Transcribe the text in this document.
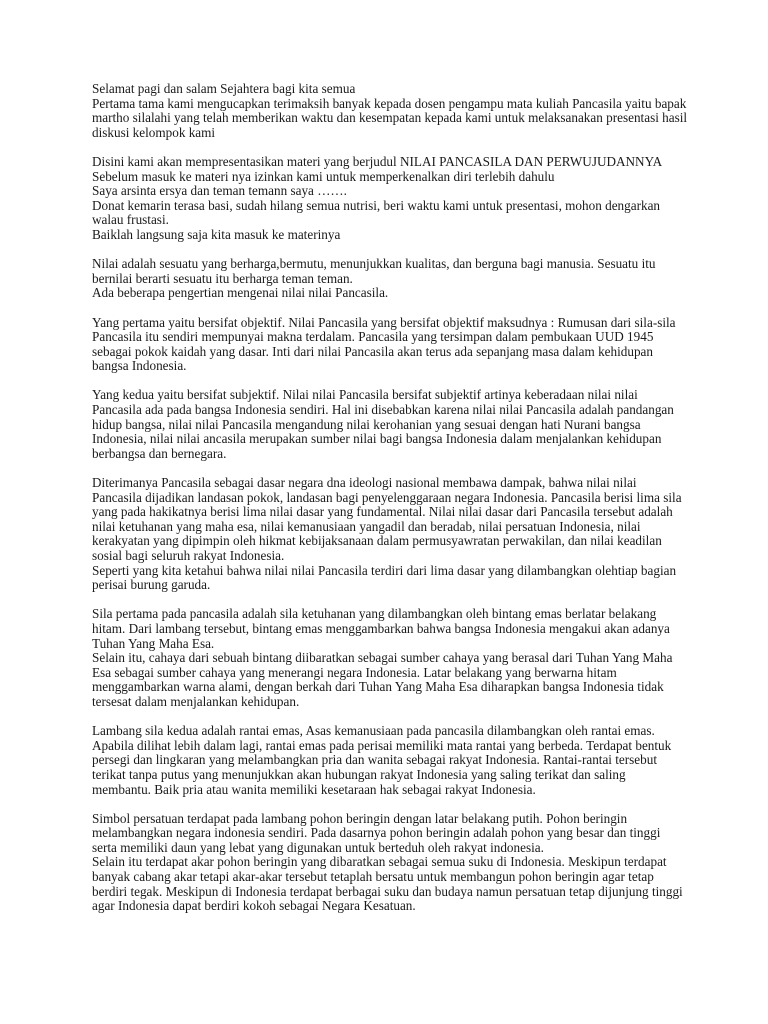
Selamat pagi dan salam Sejahtera bagi kita semua
Pertama tama kami mengucapkan terimaksih banyak kepada dosen pengampu mata kuliah Pancasila yaitu bapak
martho silalahi yang telah memberikan waktu dan kesempatan kepada kami untuk melaksanakan presentasi hasil
diskusi kelompok kami
Disini kami akan mempresentasikan materi yang berjudul NILAI PANCASILA DAN PERWUJUDANNYA
Sebelum masuk ke materi nya izinkan kami untuk memperkenalkan diri terlebih dahulu
Saya arsinta ersya dan teman temann saya …….
Donat kemarin terasa basi, sudah hilang semua nutrisi, beri waktu kami untuk presentasi, mohon dengarkan
walau frustasi.
Baiklah langsung saja kita masuk ke materinya
Nilai adalah sesuatu yang berharga,bermutu, menunjukkan kualitas, dan berguna bagi manusia. Sesuatu itu
bernilai berarti sesuatu itu berharga teman teman.
Ada beberapa pengertian mengenai nilai nilai Pancasila.
Yang pertama yaitu bersifat objektif. Nilai Pancasila yang bersifat objektif maksudnya : Rumusan dari sila-sila
Pancasila itu sendiri mempunyai makna terdalam. Pancasila yang tersimpan dalam pembukaan UUD 1945
sebagai pokok kaidah yang dasar. Inti dari nilai Pancasila akan terus ada sepanjang masa dalam kehidupan
bangsa Indonesia.
Yang kedua yaitu bersifat subjektif. Nilai nilai Pancasila bersifat subjektif artinya keberadaan nilai nilai
Pancasila ada pada bangsa Indonesia sendiri. Hal ini disebabkan karena nilai nilai Pancasila adalah pandangan
hidup bangsa, nilai nilai Pancasila mengandung nilai kerohanian yang sesuai dengan hati Nurani bangsa
Indonesia, nilai nilai ancasila merupakan sumber nilai bagi bangsa Indonesia dalam menjalankan kehidupan
berbangsa dan bernegara.
Diterimanya Pancasila sebagai dasar negara dna ideologi nasional membawa dampak, bahwa nilai nilai
Pancasila dijadikan landasan pokok, landasan bagi penyelenggaraan negara Indonesia. Pancasila berisi lima sila
yang pada hakikatnya berisi lima nilai dasar yang fundamental. Nilai nilai dasar dari Pancasila tersebut adalah
nilai ketuhanan yang maha esa, nilai kemanusiaan yangadil dan beradab, nilai persatuan Indonesia, nilai
kerakyatan yang dipimpin oleh hikmat kebijaksanaan dalam permusyawratan perwakilan, dan nilai keadilan
sosial bagi seluruh rakyat Indonesia.
Seperti yang kita ketahui bahwa nilai nilai Pancasila terdiri dari lima dasar yang dilambangkan olehtiap bagian
perisai burung garuda.
Sila pertama pada pancasila adalah sila ketuhanan yang dilambangkan oleh bintang emas berlatar belakang
hitam. Dari lambang tersebut, bintang emas menggambarkan bahwa bangsa Indonesia mengakui akan adanya
Tuhan Yang Maha Esa.
Selain itu, cahaya dari sebuah bintang diibaratkan sebagai sumber cahaya yang berasal dari Tuhan Yang Maha
Esa sebagai sumber cahaya yang menerangi negara Indonesia. Latar belakang yang berwarna hitam
menggambarkan warna alami, dengan berkah dari Tuhan Yang Maha Esa diharapkan bangsa Indonesia tidak
tersesat dalam menjalankan kehidupan.
Lambang sila kedua adalah rantai emas, Asas kemanusiaan pada pancasila dilambangkan oleh rantai emas.
Apabila dilihat lebih dalam lagi, rantai emas pada perisai memiliki mata rantai yang berbeda. Terdapat bentuk
persegi dan lingkaran yang melambangkan pria dan wanita sebagai rakyat Indonesia. Rantai-rantai tersebut
terikat tanpa putus yang menunjukkan akan hubungan rakyat Indonesia yang saling terikat dan saling
membantu. Baik pria atau wanita memiliki kesetaraan hak sebagai rakyat Indonesia.
Simbol persatuan terdapat pada lambang pohon beringin dengan latar belakang putih. Pohon beringin
melambangkan negara indonesia sendiri. Pada dasarnya pohon beringin adalah pohon yang besar dan tinggi
serta memiliki daun yang lebat yang digunakan untuk berteduh oleh rakyat indonesia.
Selain itu terdapat akar pohon beringin yang dibaratkan sebagai semua suku di Indonesia. Meskipun terdapat
banyak cabang akar tetapi akar-akar tersebut tetaplah bersatu untuk membangun pohon beringin agar tetap
berdiri tegak. Meskipun di Indonesia terdapat berbagai suku dan budaya namun persatuan tetap dijunjung tinggi
agar Indonesia dapat berdiri kokoh sebagai Negara Kesatuan.
